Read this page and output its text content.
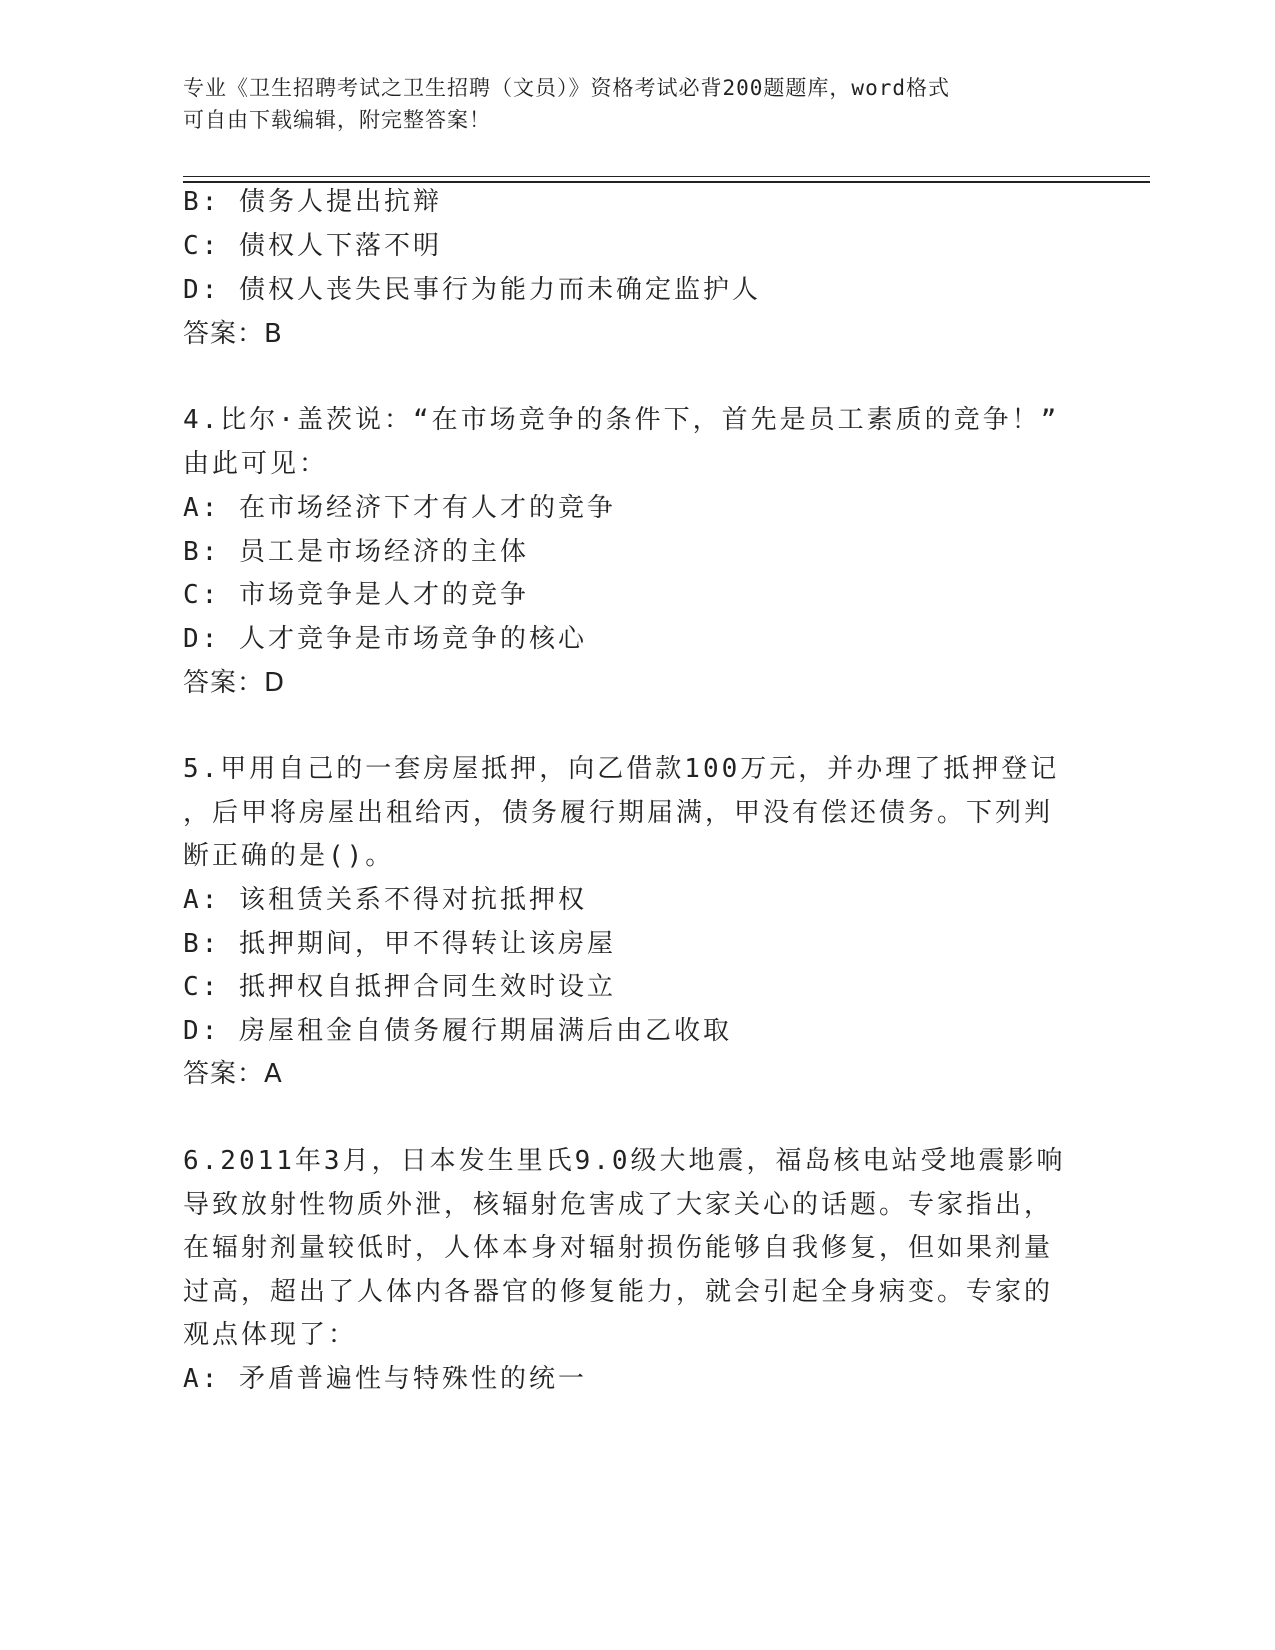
专业《卫生招聘考试之卫生招聘（文员）》资格考试必背200题题库，word格式
可自由下载编辑，附完整答案！
B: 债务人提出抗辩
C: 债权人下落不明
D: 债权人丧失民事行为能力而未确定监护人
答案：B
4.比尔·盖茨说：“在市场竞争的条件下，首先是员工素质的竞争！”
由此可见：
A: 在市场经济下才有人才的竞争
B: 员工是市场经济的主体
C: 市场竞争是人才的竞争
D: 人才竞争是市场竞争的核心
答案：D
5.甲用自己的一套房屋抵押，向乙借款100万元，并办理了抵押登记
，后甲将房屋出租给丙，债务履行期届满，甲没有偿还债务。下列判
断正确的是()。
A: 该租赁关系不得对抗抵押权
B: 抵押期间，甲不得转让该房屋
C: 抵押权自抵押合同生效时设立
D: 房屋租金自债务履行期届满后由乙收取
答案：A
6.2011年3月，日本发生里氏9.0级大地震，福岛核电站受地震影响
导致放射性物质外泄，核辐射危害成了大家关心的话题。专家指出，
在辐射剂量较低时，人体本身对辐射损伤能够自我修复，但如果剂量
过高，超出了人体内各器官的修复能力，就会引起全身病变。专家的
观点体现了：
A: 矛盾普遍性与特殊性的统一
